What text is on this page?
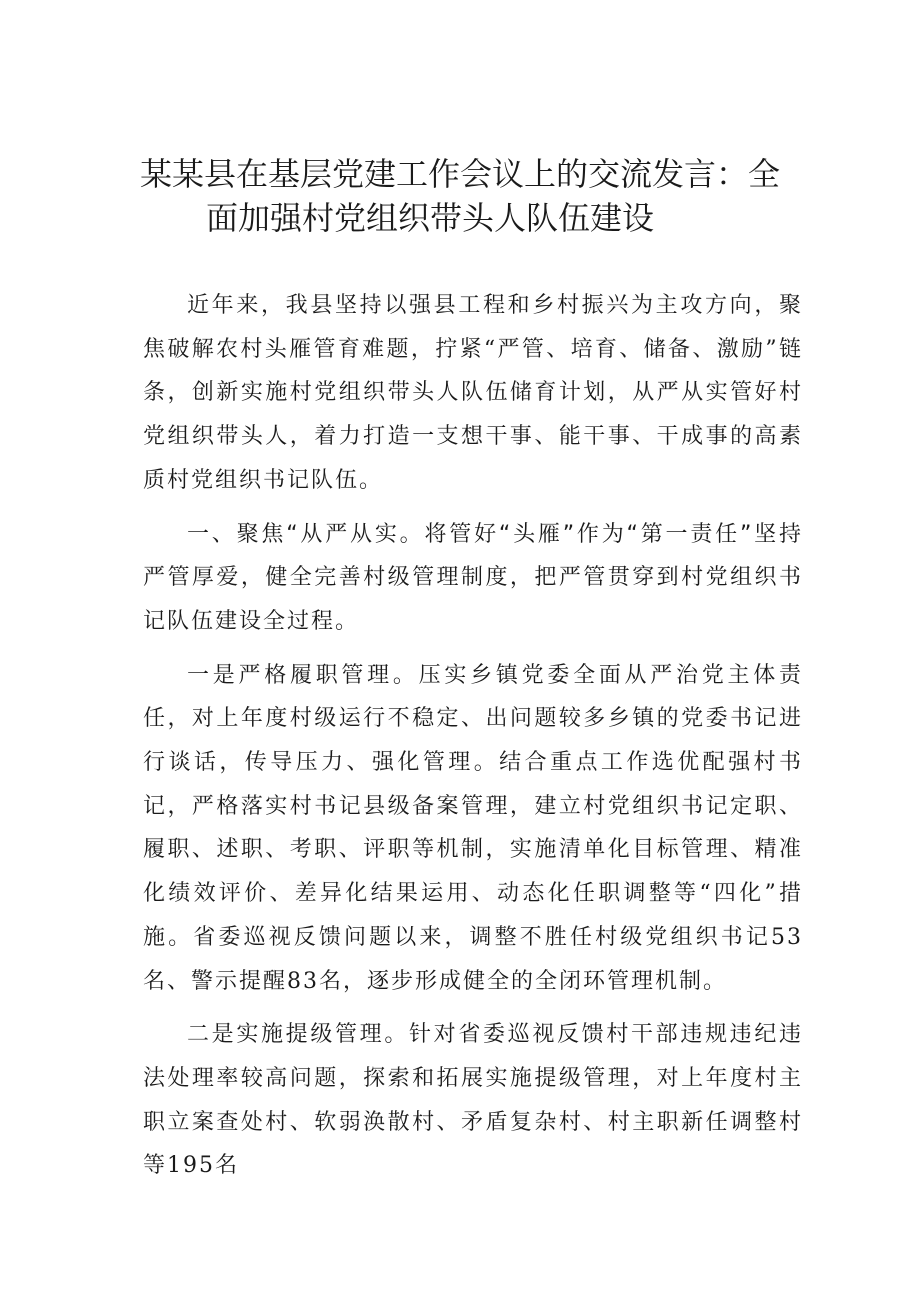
某某县在基层党建工作会议上的交流发言：全
面加强村党组织带头人队伍建设

近年来，我县坚持以强县工程和乡村振兴为主攻方向，聚焦破解农村头雁管育难题，拧紧“严管、培育、储备、激励”链条，创新实施村党组织带头人队伍储育计划，从严从实管好村党组织带头人，着力打造一支想干事、能干事、干成事的高素质村党组织书记队伍。

一、聚焦“从严从实。将管好“头雁”作为“第一责任”坚持严管厚爱，健全完善村级管理制度，把严管贯穿到村党组织书记队伍建设全过程。

一是严格履职管理。压实乡镇党委全面从严治党主体责任，对上年度村级运行不稳定、出问题较多乡镇的党委书记进行谈话，传导压力、强化管理。结合重点工作选优配强村书记，严格落实村书记县级备案管理，建立村党组织书记定职、履职、述职、考职、评职等机制，实施清单化目标管理、精准化绩效评价、差异化结果运用、动态化任职调整等“四化”措施。省委巡视反馈问题以来，调整不胜任村级党组织书记53名、警示提醒83名，逐步形成健全的全闭环管理机制。

二是实施提级管理。针对省委巡视反馈村干部违规违纪违法处理率较高问题，探索和拓展实施提级管理，对上年度村主职立案查处村、软弱涣散村、矛盾复杂村、村主职新任调整村等195名
